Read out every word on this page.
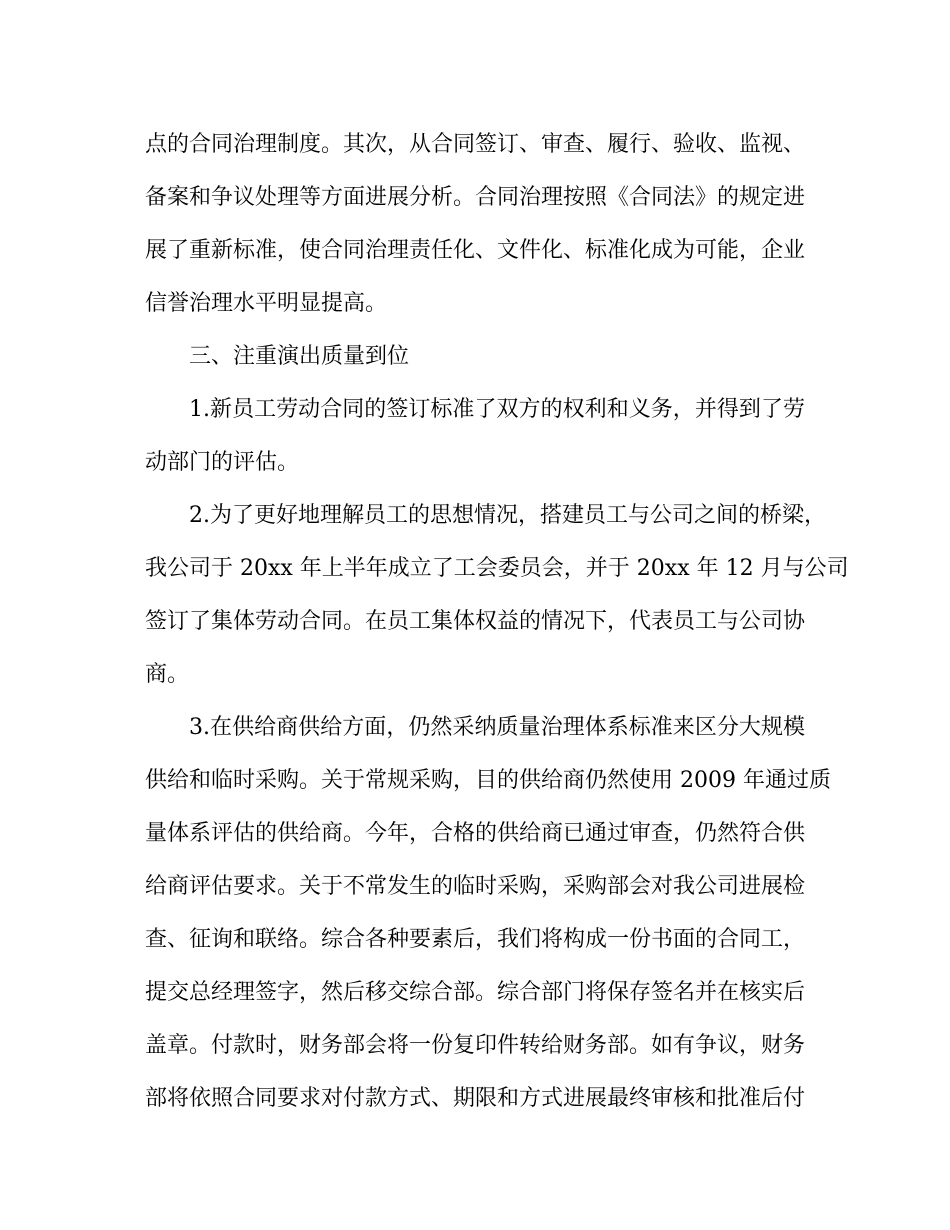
点的合同治理制度。其次，从合同签订、审查、履行、验收、监视、
备案和争议处理等方面进展分析。合同治理按照《合同法》的规定进
展了重新标准，使合同治理责任化、文件化、标准化成为可能，企业
信誉治理水平明显提高。
三、注重演出质量到位
1.新员工劳动合同的签订标准了双方的权利和义务，并得到了劳
动部门的评估。
2.为了更好地理解员工的思想情况，搭建员工与公司之间的桥梁，
我公司于 20xx 年上半年成立了工会委员会，并于 20xx 年 12 月与公司
签订了集体劳动合同。在员工集体权益的情况下，代表员工与公司协
商。
3.在供给商供给方面，仍然采纳质量治理体系标准来区分大规模
供给和临时采购。关于常规采购，目的供给商仍然使用 2009 年通过质
量体系评估的供给商。今年，合格的供给商已通过审查，仍然符合供
给商评估要求。关于不常发生的临时采购，采购部会对我公司进展检
查、征询和联络。综合各种要素后，我们将构成一份书面的合同工，
提交总经理签字，然后移交综合部。综合部门将保存签名并在核实后
盖章。付款时，财务部会将一份复印件转给财务部。如有争议，财务
部将依照合同要求对付款方式、期限和方式进展最终审核和批准后付
